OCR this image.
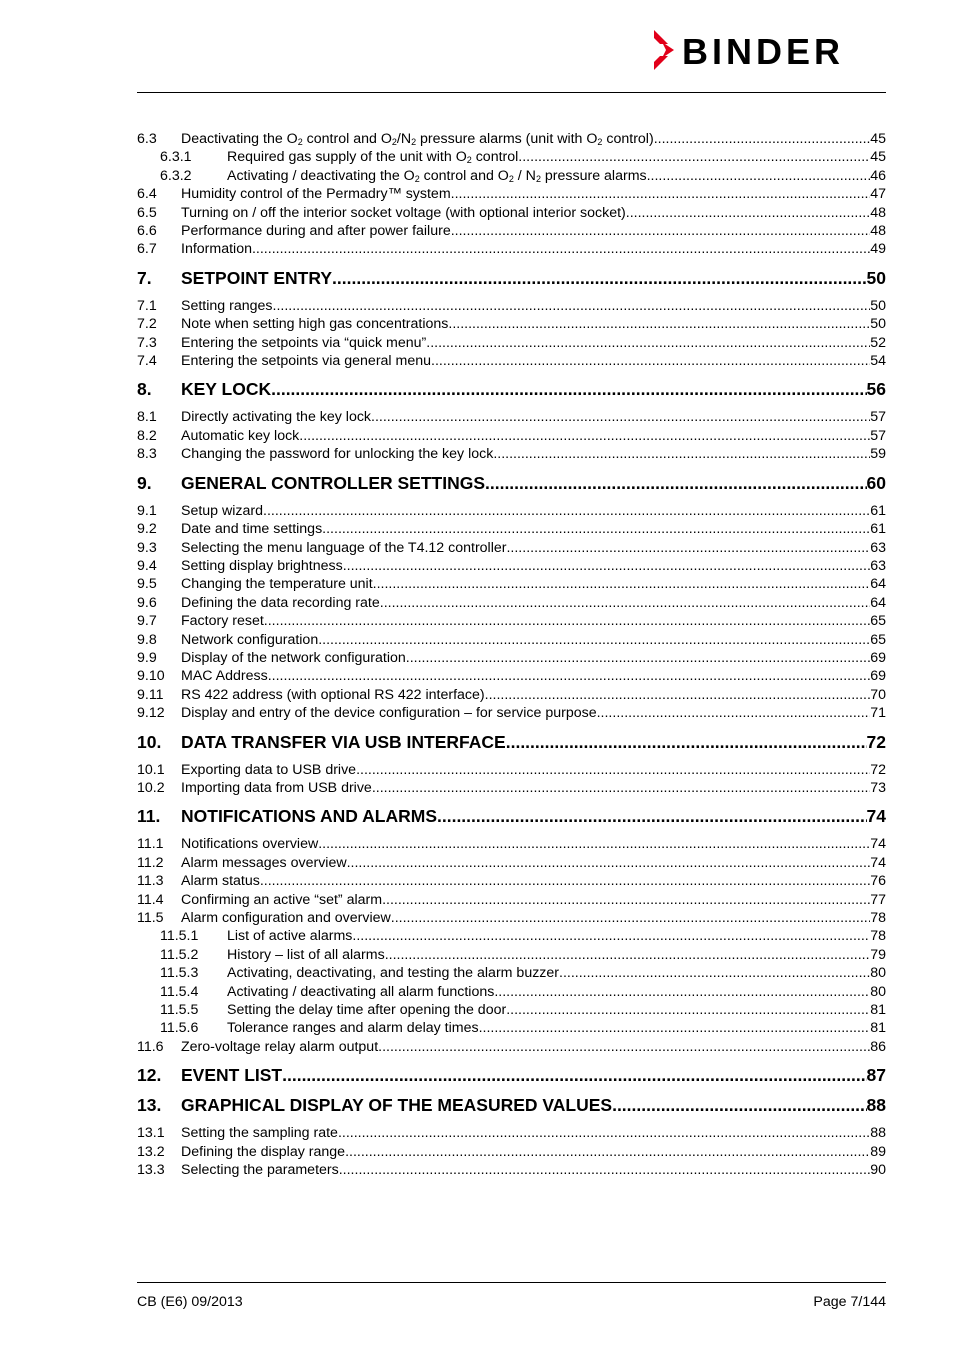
BINDER
6.3	Deactivating the $O_2$ control and $O_2/N_2$ pressure alarms (unit with $O_2$ control) .....	45
6.3.1	Required gas supply of the unit with $O_2$ control .....	45
6.3.2	Activating / deactivating the $O_2$ control and $O_2 / N_2$ pressure alarms .....	46
6.4	Humidity control of the Permadry™ system .....	47
6.5	Turning on / off the interior socket voltage (with optional interior socket) .....	48
6.6	Performance during and after power failure .....	48
6.7	Information .....	49
7.	SETPOINT ENTRY .....	50
7.1	Setting ranges .....	50
7.2	Note when setting high gas concentrations .....	50
7.3	Entering the setpoints via “quick menu” .....	52
7.4	Entering the setpoints via general menu .....	54
8.	KEY LOCK .....	56
8.1	Directly activating the key lock .....	57
8.2	Automatic key lock .....	57
8.3	Changing the password for unlocking the key lock .....	59
9.	GENERAL CONTROLLER SETTINGS .....	60
9.1	Setup wizard .....	61
9.2	Date and time settings .....	61
9.3	Selecting the menu language of the T4.12 controller .....	63
9.4	Setting display brightness .....	63
9.5	Changing the temperature unit .....	64
9.6	Defining the data recording rate .....	64
9.7	Factory reset .....	65
9.8	Network configuration .....	65
9.9	Display of the network configuration .....	69
9.10	MAC Address .....	69
9.11	RS 422 address (with optional RS 422 interface) .....	70
9.12	Display and entry of the device configuration – for service purpose .....	71
10.	DATA TRANSFER VIA USB INTERFACE .....	72
10.1	Exporting data to USB drive .....	72
10.2	Importing data from USB drive .....	73
11.	NOTIFICATIONS AND ALARMS .....	74
11.1	Notifications overview .....	74
11.2	Alarm messages overview .....	74
11.3	Alarm status .....	76
11.4	Confirming an active “set” alarm .....	77
11.5	Alarm configuration and overview .....	78
11.5.1	List of active alarms .....	78
11.5.2	History – list of all alarms .....	79
11.5.3	Activating, deactivating, and testing the alarm buzzer .....	80
11.5.4	Activating / deactivating all alarm functions .....	80
11.5.5	Setting the delay time after opening the door .....	81
11.5.6	Tolerance ranges and alarm delay times .....	81
11.6	Zero-voltage relay alarm output .....	86
12.	EVENT LIST .....	87
13.	GRAPHICAL DISPLAY OF THE MEASURED VALUES .....	88
13.1	Setting the sampling rate .....	88
13.2	Defining the display range .....	89
13.3	Selecting the parameters .....	90
CB (E6) 09/2013	Page 7/144
